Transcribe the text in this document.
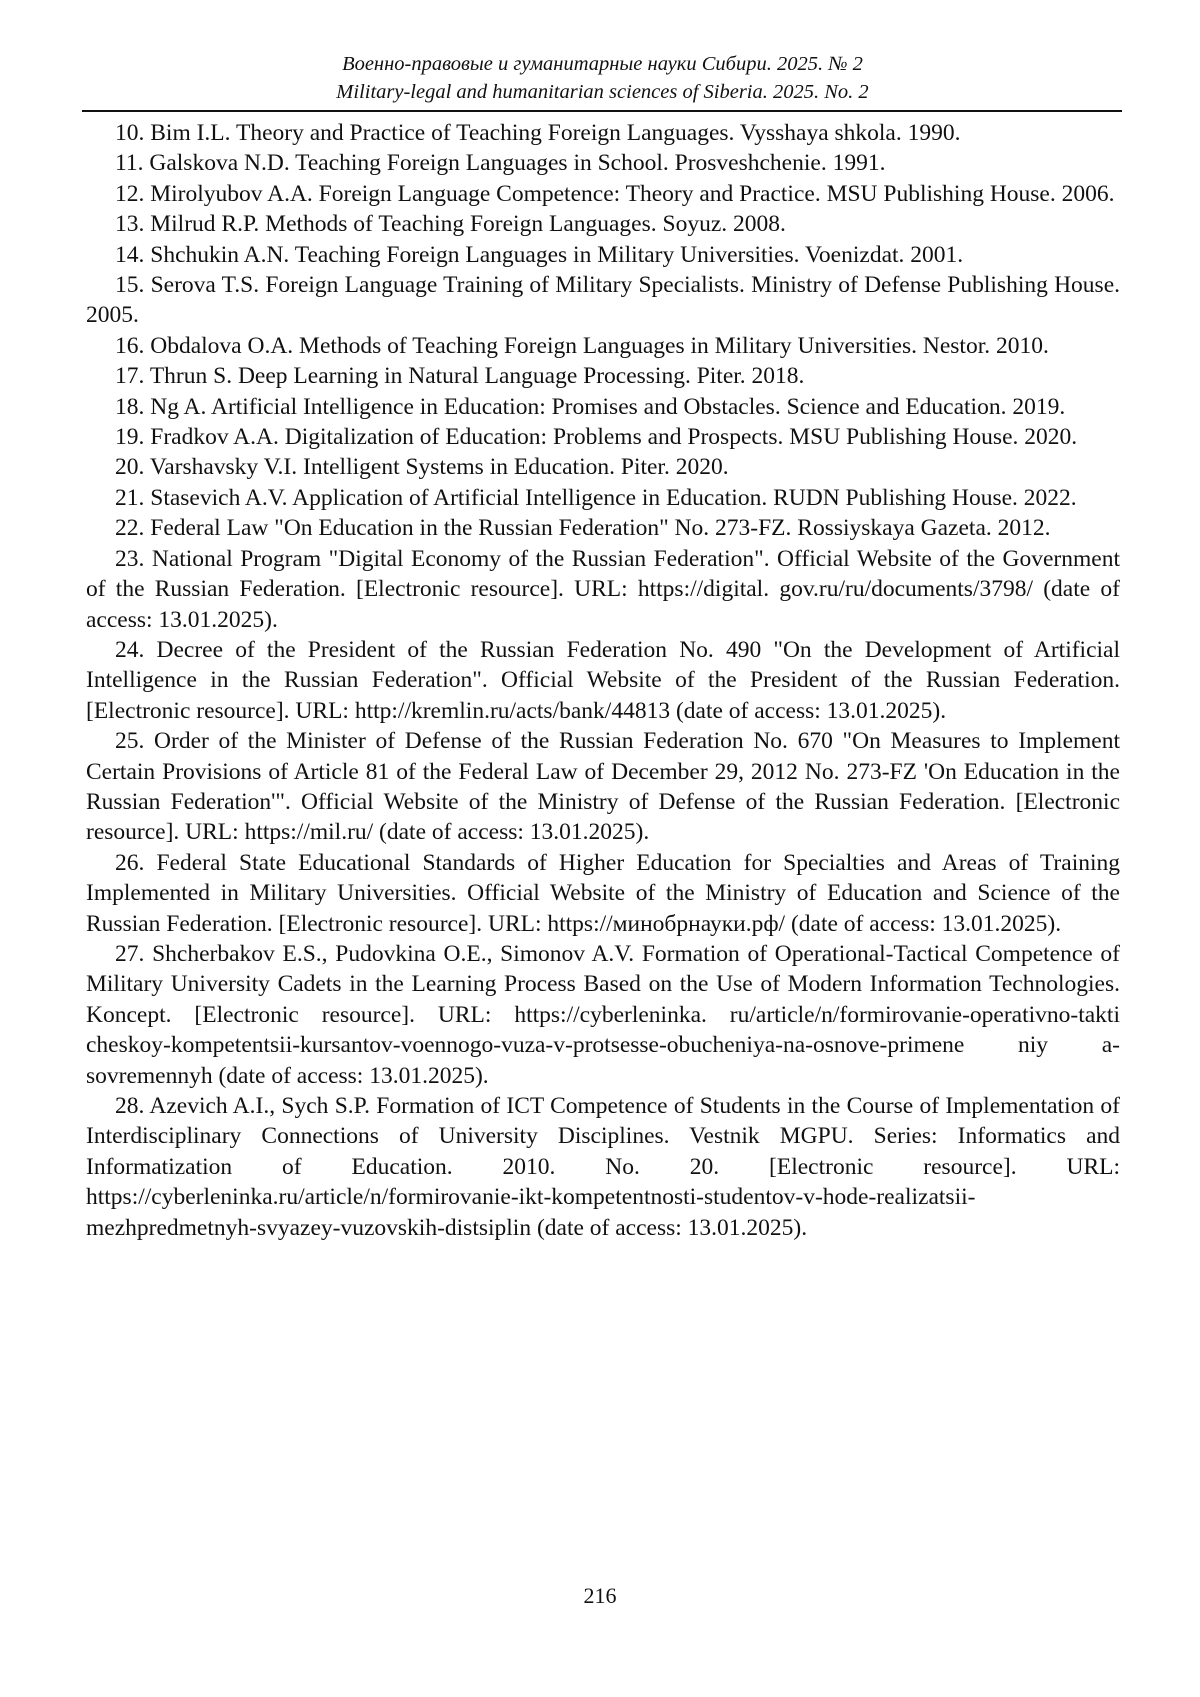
Военно-правовые и гуманитарные науки Сибири. 2025. № 2
Military-legal and humanitarian sciences of Siberia. 2025. No. 2

10. Bim I.L. Theory and Practice of Teaching Foreign Languages. Vysshaya shkola. 1990.

11. Galskova N.D. Teaching Foreign Languages in School. Prosveshchenie. 1991.

12. Mirolyubov A.A. Foreign Language Competence: Theory and Practice. MSU Publishing House. 2006.

13. Milrud R.P. Methods of Teaching Foreign Languages. Soyuz. 2008.

14. Shchukin A.N. Teaching Foreign Languages in Military Universities. Voenizdat. 2001.

15. Serova T.S. Foreign Language Training of Military Specialists. Ministry of Defense Publishing House. 2005.

16. Obdalova O.A. Methods of Teaching Foreign Languages in Military Universities. Nestor. 2010.

17. Thrun S. Deep Learning in Natural Language Processing. Piter. 2018.

18. Ng A. Artificial Intelligence in Education: Promises and Obstacles. Science and Education. 2019.

19. Fradkov A.A. Digitalization of Education: Problems and Prospects. MSU Publishing House. 2020.

20. Varshavsky V.I. Intelligent Systems in Education. Piter. 2020.

21. Stasevich A.V. Application of Artificial Intelligence in Education. RUDN Publishing House. 2022.

22. Federal Law "On Education in the Russian Federation" No. 273-FZ. Rossiyskaya Gazeta. 2012.

23. National Program "Digital Economy of the Russian Federation". Official Website of the Government of the Russian Federation. [Electronic resource]. URL: https://digital. gov.ru/ru/documents/3798/ (date of access: 13.01.2025).

24. Decree of the President of the Russian Federation No. 490 "On the Development of Artificial Intelligence in the Russian Federation". Official Website of the President of the Russian Federation. [Electronic resource]. URL: http://kremlin.ru/acts/bank/44813 (date of access: 13.01.2025).

25. Order of the Minister of Defense of the Russian Federation No. 670 "On Measures to Implement Certain Provisions of Article 81 of the Federal Law of December 29, 2012 No. 273-FZ 'On Education in the Russian Federation'". Official Website of the Ministry of Defense of the Russian Federation. [Electronic resource]. URL: https://mil.ru/ (date of access: 13.01.2025).

26. Federal State Educational Standards of Higher Education for Specialties and Areas of Training Implemented in Military Universities. Official Website of the Ministry of Education and Science of the Russian Federation. [Electronic resource]. URL: https://минобрнауки.рф/ (date of access: 13.01.2025).

27. Shcherbakov E.S., Pudovkina O.E., Simonov A.V. Formation of Operational-Tactical Competence of Military University Cadets in the Learning Process Based on the Use of Modern Information Technologies. Koncept. [Electronic resource]. URL: https://cyberleninka. ru/article/n/formirovanie-operativno-takti cheskoy-kompetentsii-kursantov-voennogo-vuza-v-protsesse-obucheniya-na-osnove-primene niy a-sovremennyh (date of access: 13.01.2025).

28. Azevich A.I., Sych S.P. Formation of ICT Competence of Students in the Course of Implementation of Interdisciplinary Connections of University Disciplines. Vestnik MGPU. Series: Informatics and Informatization of Education. 2010. No. 20. [Electronic resource]. URL: https://cyberleninka.ru/article/n/formirovanie-ikt-kompetentnosti-studentov-v-hode-realizatsii-mezhpredmetnyh-svyazey-vuzovskih-distsiplin (date of access: 13.01.2025).

216
